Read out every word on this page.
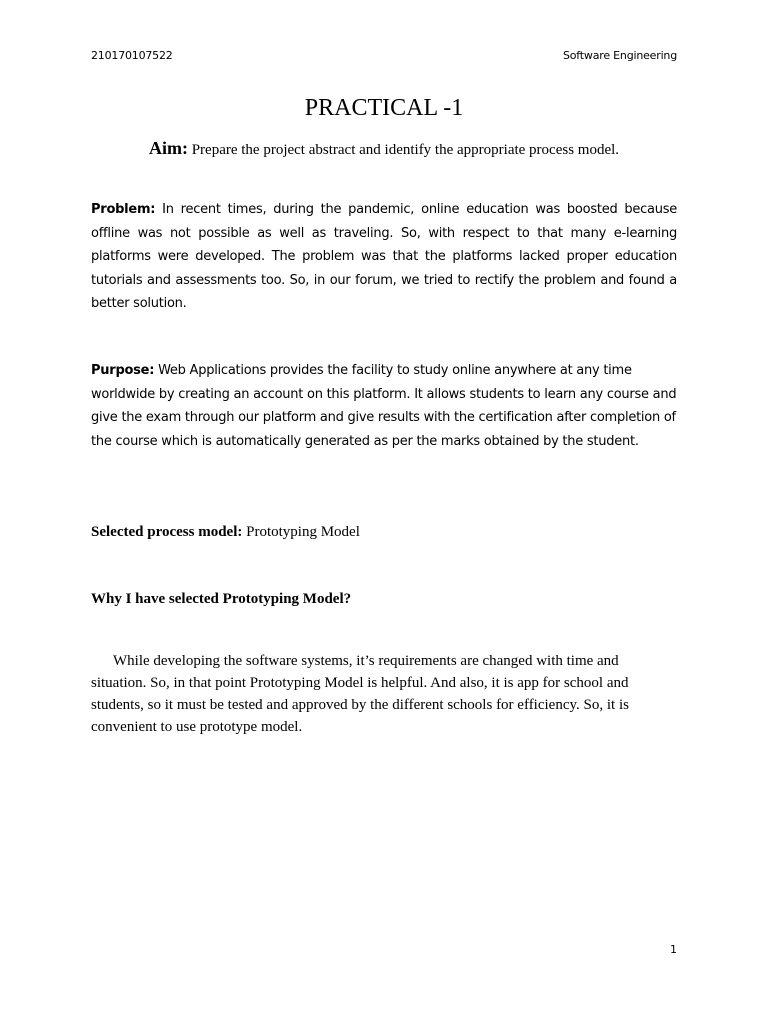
210170107522	Software Engineering
PRACTICAL -1
Aim: Prepare the project abstract and identify the appropriate process model.

Problem: In recent times, during the pandemic, online education was boosted because offline was not possible as well as traveling. So, with respect to that many e-learning platforms were developed. The problem was that the platforms lacked proper education tutorials and assessments too. So, in our forum, we tried to rectify the problem and found a better solution.

Purpose: Web Applications provides the facility to study online anywhere at any time worldwide by creating an account on this platform. It allows students to learn any course and give the exam through our platform and give results with the certification after completion of the course which is automatically generated as per the marks obtained by the student.

Selected process model: Prototyping Model

Why I have selected Prototyping Model?

While developing the software systems, it’s requirements are changed with time and situation. So, in that point Prototyping Model is helpful. And also, it is app for school and students, so it must be tested and approved by the different schools for efficiency. So, it is convenient to use prototype model.

1
